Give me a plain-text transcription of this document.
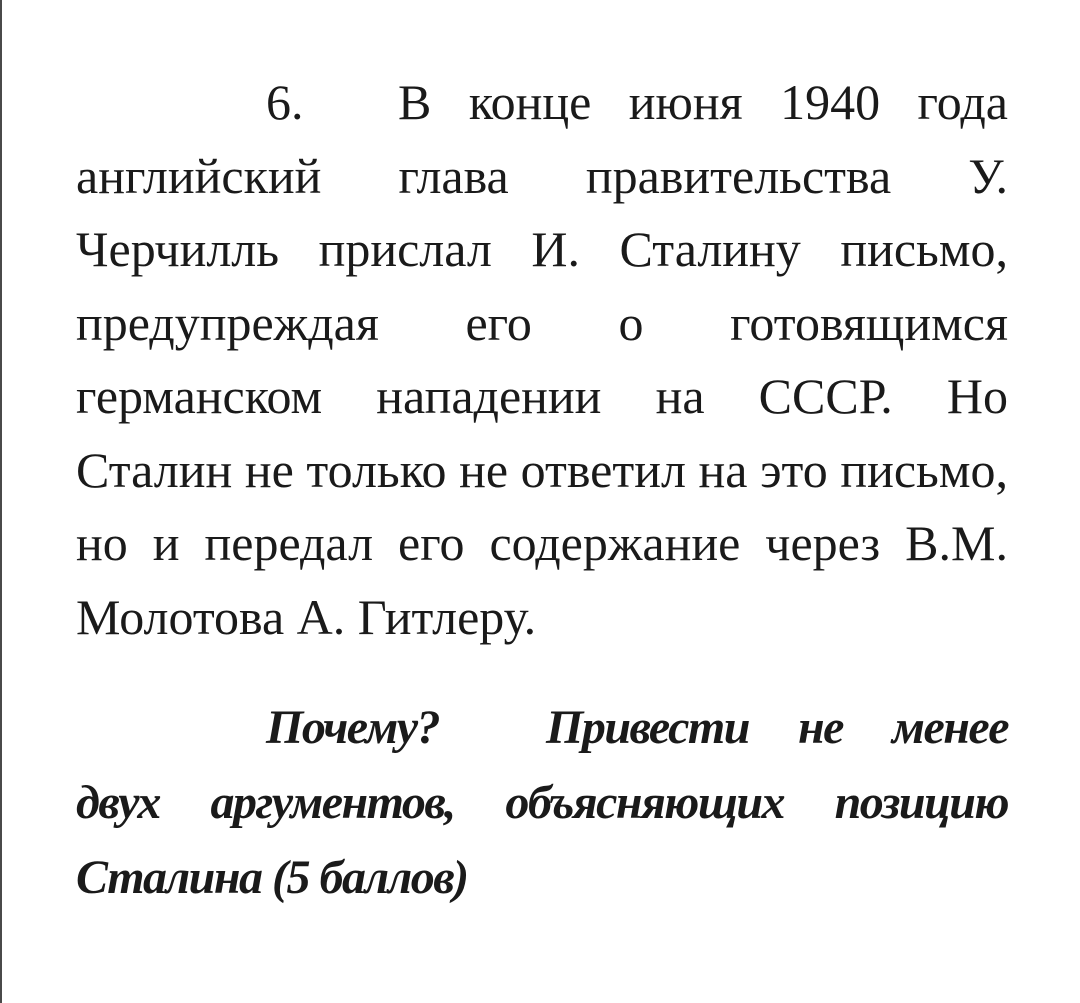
6. В конце июня 1940 года английский глава правительства У. Черчилль прислал И. Сталину письмо, предупреждая его о готовящимся германском нападении на СССР. Но Сталин не только не ответил на это письмо, но и передал его содержание через В.М. Молотова А. Гитлеру.

Почему? Привести не менее двух аргументов, объясняющих позицию Сталина (5 баллов)
